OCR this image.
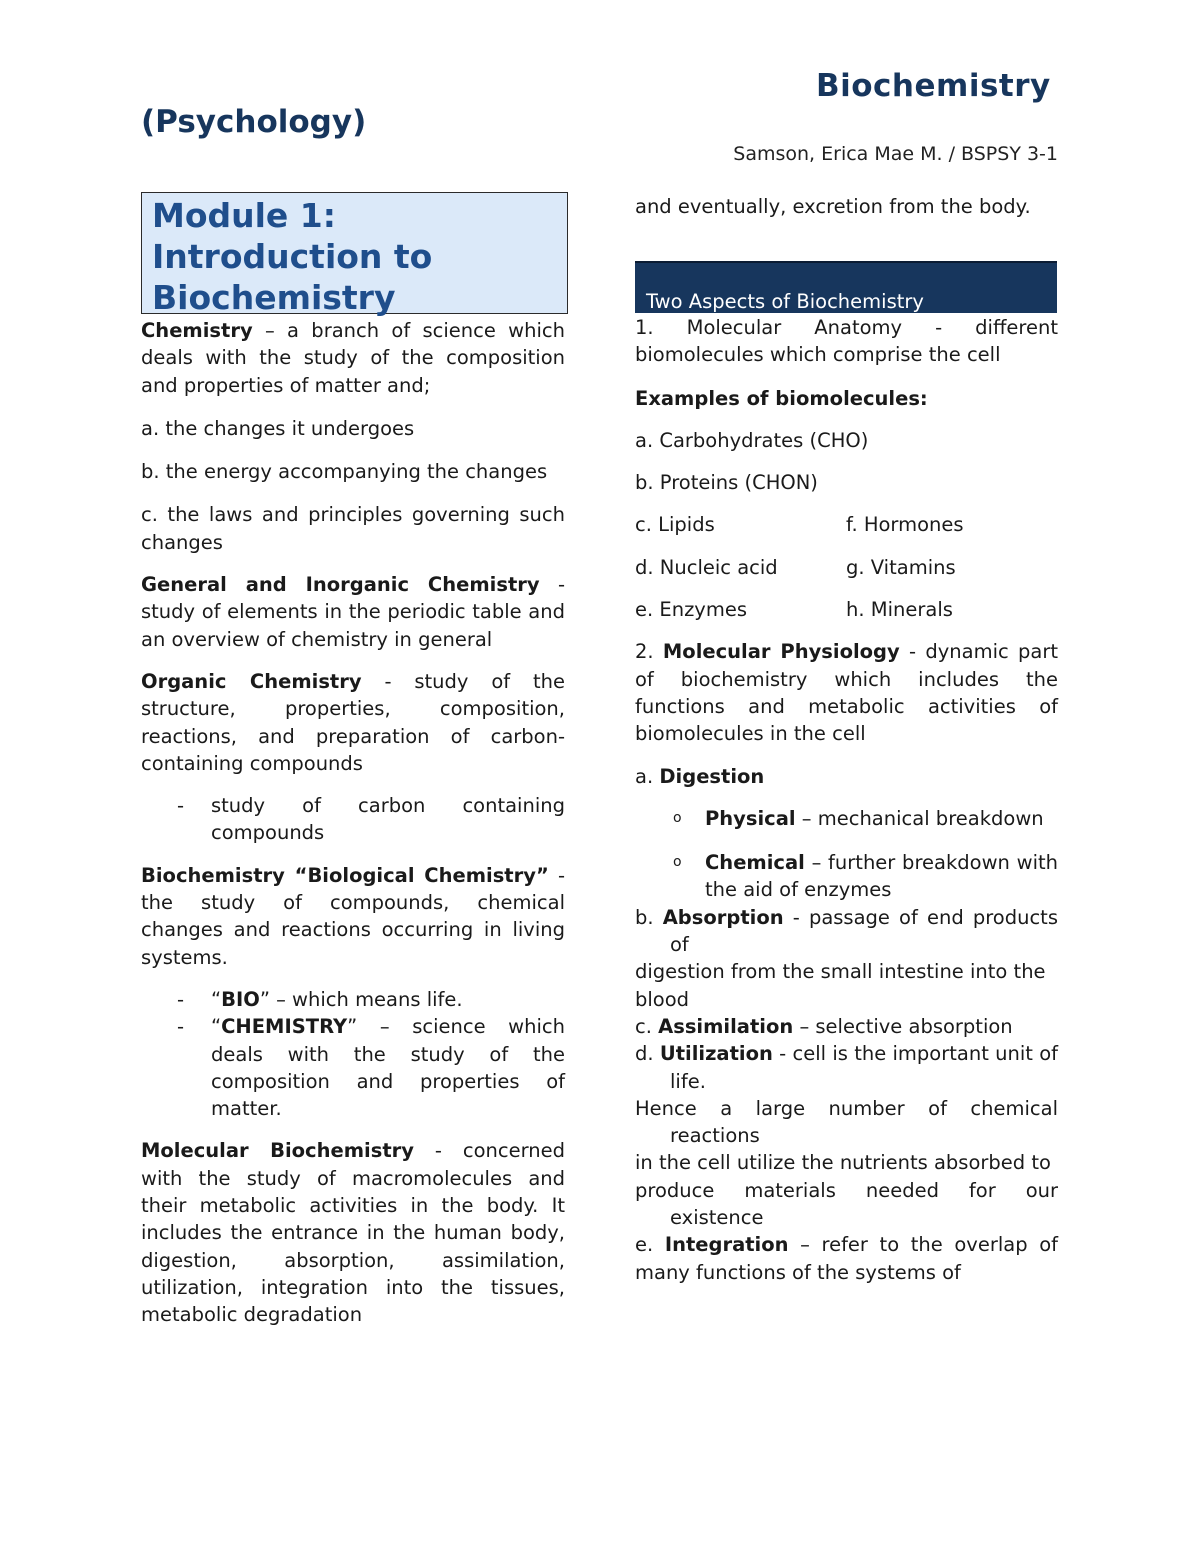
Biochemistry
(Psychology)
Samson, Erica Mae M. / BSPSY 3-1
Module 1: Introduction to Biochemistry

Chemistry – a branch of science which deals with the study of the composition and properties of matter and;

a. the changes it undergoes

b. the energy accompanying the changes

c. the laws and principles governing such changes

General and Inorganic Chemistry - study of elements in the periodic table and an overview of chemistry in general

Organic Chemistry - study of the structure, properties, composition, reactions, and preparation of carbon-containing compounds

-	study of carbon containing compounds

Biochemistry “Biological Chemistry” - the study of compounds, chemical changes and reactions occurring in living systems.

-	“BIO” – which means life.
-	“CHEMISTRY” – science which deals with the study of the composition and properties of matter.

Molecular Biochemistry - concerned with the study of macromolecules and their metabolic activities in the body. It includes the entrance in the human body, digestion, absorption, assimilation, utilization, integration into the tissues, metabolic degradation

and eventually, excretion from the body.
Two Aspects of Biochemistry

1. Molecular Anatomy - different biomolecules which comprise the cell

Examples of biomolecules:

a. Carbohydrates (CHO)

b. Proteins (CHON)

c. Lipids	f. Hormones
d. Nucleic acid	g. Vitamins
e. Enzymes	h. Minerals

2. Molecular Physiology - dynamic part of biochemistry which includes the functions and metabolic activities of biomolecules in the cell

a. Digestion

o	Physical – mechanical breakdown
o	Chemical – further breakdown with the aid of enzymes

b. Absorption - passage of end products of

digestion from the small intestine into the

blood

c. Assimilation – selective absorption

d. Utilization - cell is the important unit of life.

Hence a large number of chemical reactions

in the cell utilize the nutrients absorbed to

produce materials needed for our existence

e. Integration – refer to the overlap of many functions of the systems of
